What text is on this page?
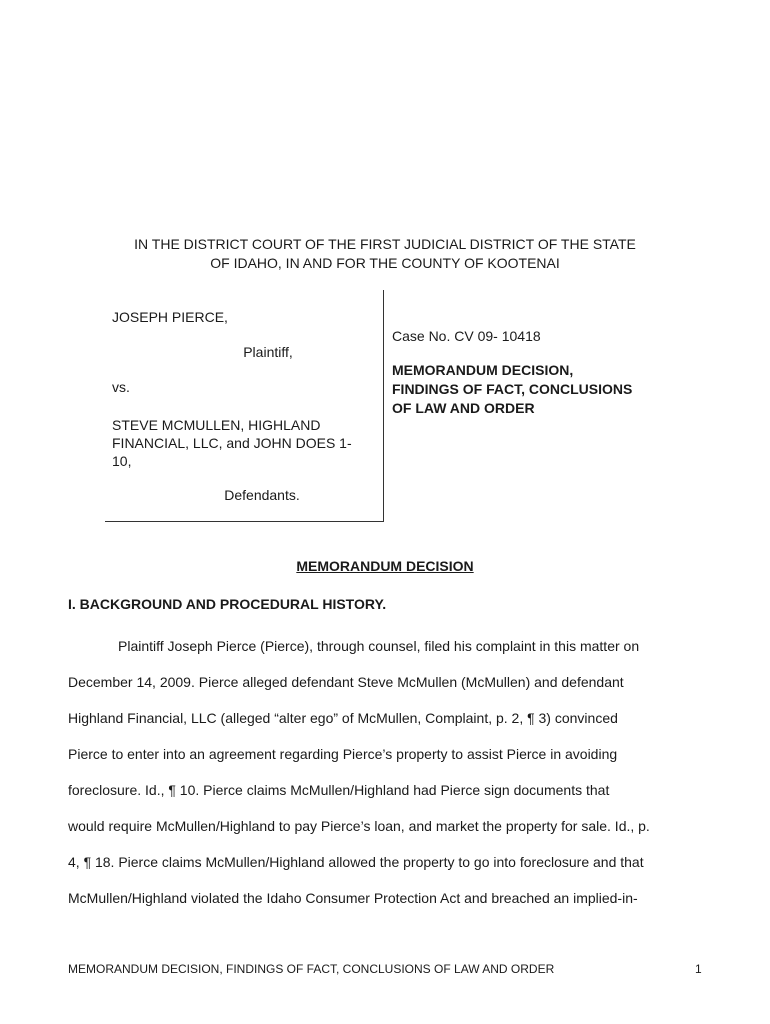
IN THE DISTRICT COURT OF THE FIRST JUDICIAL DISTRICT OF THE STATE
OF IDAHO, IN AND FOR THE COUNTY OF KOOTENAI
JOSEPH PIERCE,
Plaintiff,
vs.
STEVE MCMULLEN, HIGHLAND
FINANCIAL, LLC, and JOHN DOES 1-
10,
Defendants.
Case No. CV 09- 10418
MEMORANDUM DECISION,
FINDINGS OF FACT, CONCLUSIONS
OF LAW AND ORDER
MEMORANDUM DECISION
I. BACKGROUND AND PROCEDURAL HISTORY.
Plaintiff Joseph Pierce (Pierce), through counsel, filed his complaint in this matter on
December 14, 2009. Pierce alleged defendant Steve McMullen (McMullen) and defendant
Highland Financial, LLC (alleged “alter ego” of McMullen, Complaint, p. 2, ¶ 3) convinced
Pierce to enter into an agreement regarding Pierce’s property to assist Pierce in avoiding
foreclosure. Id., ¶ 10. Pierce claims McMullen/Highland had Pierce sign documents that
would require McMullen/Highland to pay Pierce’s loan, and market the property for sale. Id., p.
4, ¶ 18. Pierce claims McMullen/Highland allowed the property to go into foreclosure and that
McMullen/Highland violated the Idaho Consumer Protection Act and breached an implied-in-
MEMORANDUM DECISION, FINDINGS OF FACT, CONCLUSIONS OF LAW AND ORDER	1
